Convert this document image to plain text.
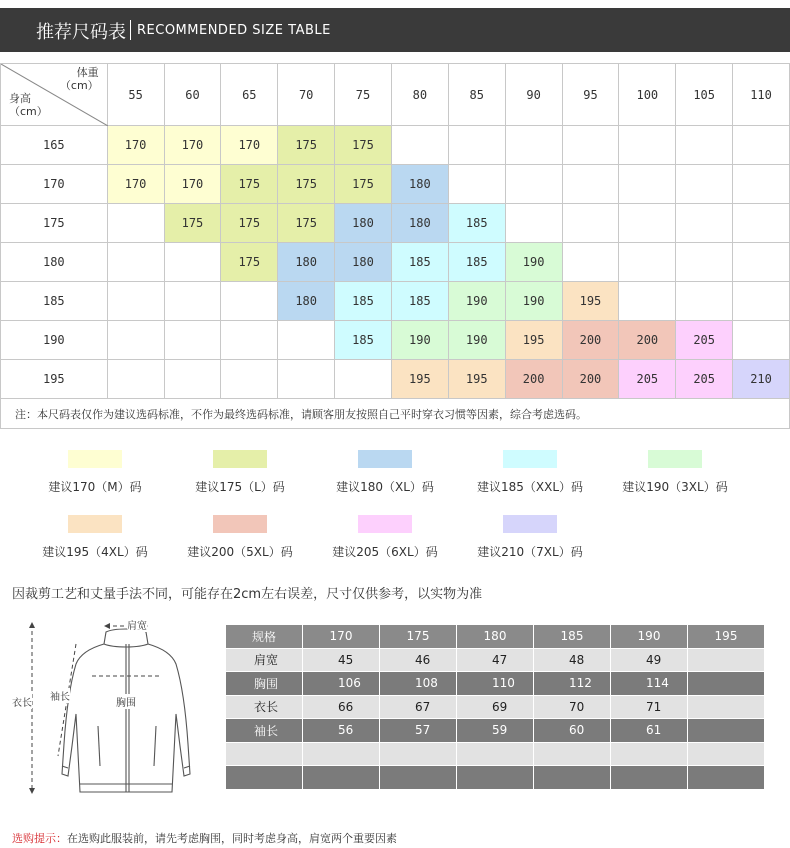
推荐尺码表 RECOMMENDED SIZE TABLE
体重
（cm）
身高
（cm）	55	60	65	70	75	80	85	90	95	100	105	110
165	170	170	170	175	175							
170	170	170	175	175	175	180						
175		175	175	175	180	180	185					
180			175	180	180	185	185	190				
185				180	185	185	190	190	195			
190					185	190	190	195	200	200	205	
195						195	195	200	200	205	205	210
注：本尺码表仅作为建议选码标准，不作为最终选码标准，请顾客朋友按照自己平时穿衣习惯等因素，综合考虑选码。												
建议170（M）码	建议175（L）码	建议180（XL）码	建议185（XXL）码	建议190（3XL）码
建议195（4XL）码	建议200（5XL）码	建议205（6XL）码	建议210（7XL）码
因裁剪工艺和丈量手法不同，可能存在2cm左右误差，尺寸仅供参考，以实物为准
肩宽
胸围
袖长
衣长
规格	170	175	180	185	190	195
肩宽	45	46	47	48	49	
胸围	106	108	110	112	114	
衣长	66	67	69	70	71	
袖长	56	57	59	60	61	

选购提示：在选购此服装前，请先考虑胸围，同时考虑身高，肩宽两个重要因素
